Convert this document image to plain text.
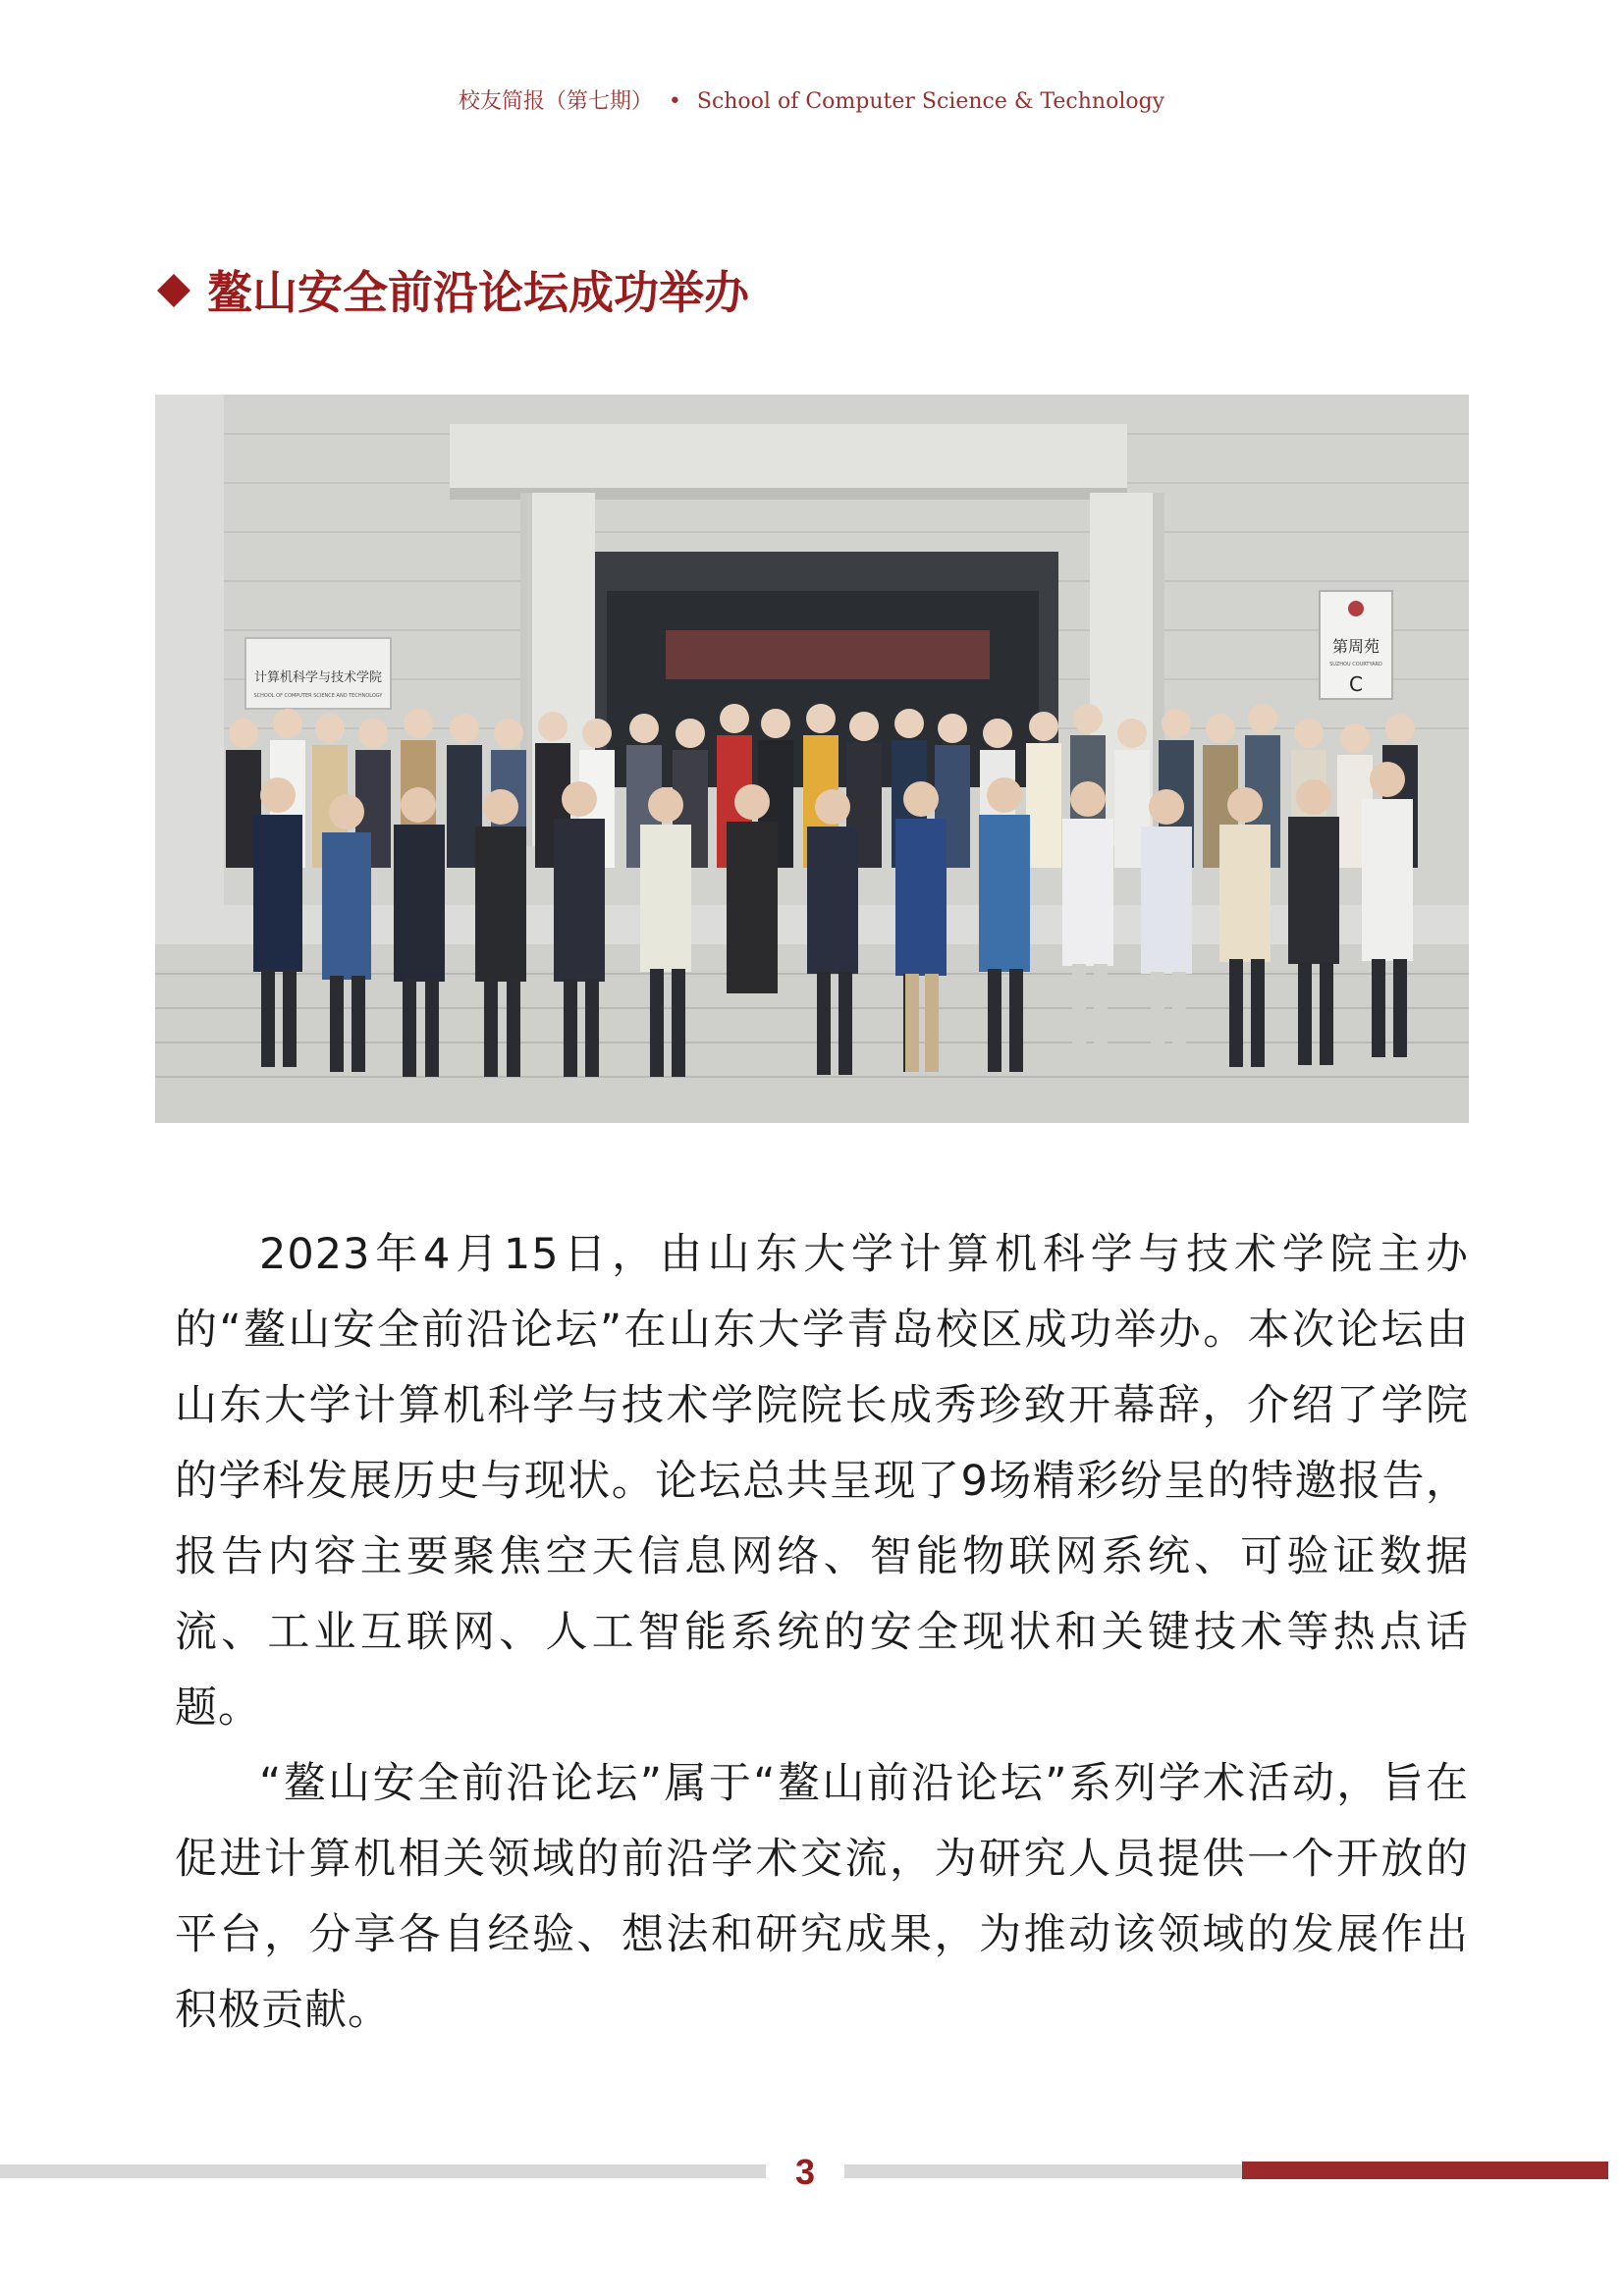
校友简报（第七期） • School of Computer Science & Technology
鳌山安全前沿论坛成功举办
计算机科学与技术学院
SCHOOL OF COMPUTER SCIENCE AND TECHNOLOGY
第周苑
SUZHOU COURTYARD
C

2023年4月15日，由山东大学计算机科学与技术学院主办的“鳌山安全前沿论坛”在山东大学青岛校区成功举办。本次论坛由山东大学计算机科学与技术学院院长成秀珍致开幕辞，介绍了学院的学科发展历史与现状。论坛总共呈现了9场精彩纷呈的特邀报告，报告内容主要聚焦空天信息网络、智能物联网系统、可验证数据流、工业互联网、人工智能系统的安全现状和关键技术等热点话题。

“鳌山安全前沿论坛”属于“鳌山前沿论坛”系列学术活动，旨在促进计算机相关领域的前沿学术交流，为研究人员提供一个开放的平台，分享各自经验、想法和研究成果，为推动该领域的发展作出积极贡献。

3
